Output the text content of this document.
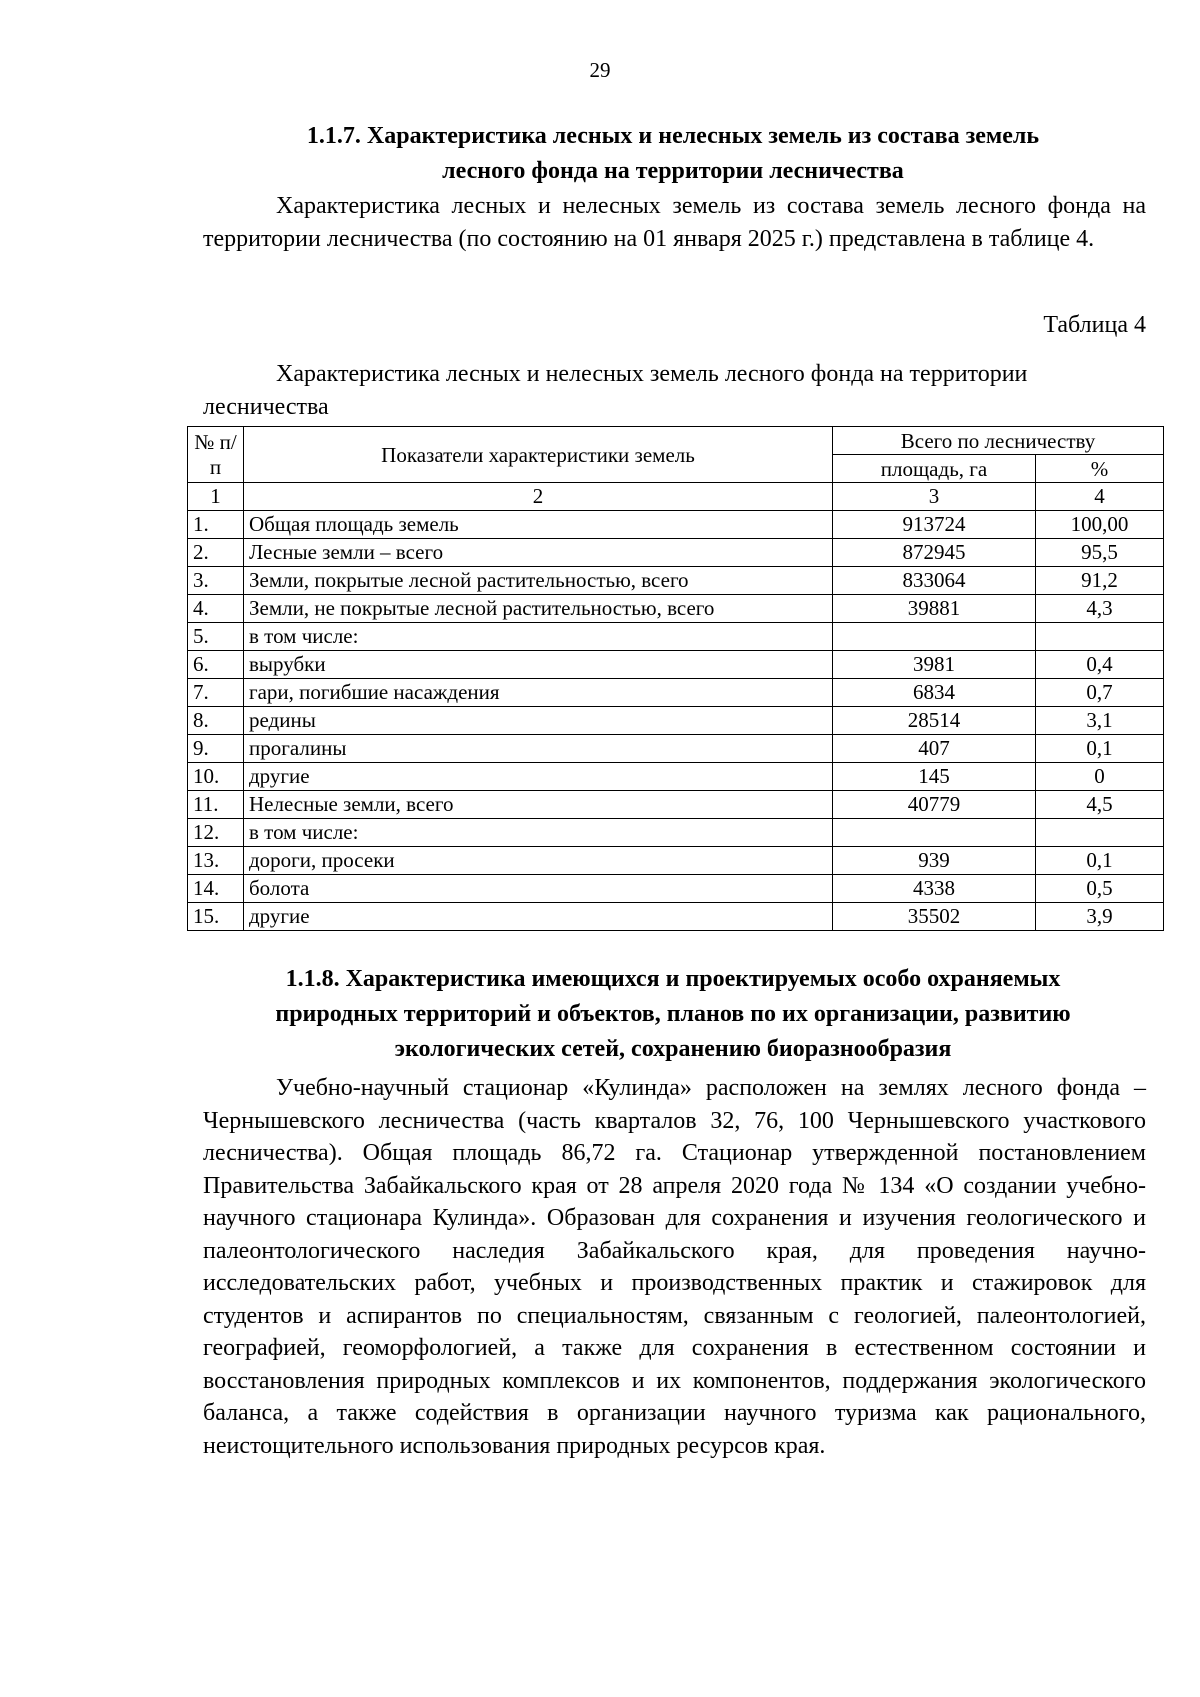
29
1.1.7. Характеристика лесных и нелесных земель из состава земель
лесного фонда на территории лесничества

Характеристика лесных и нелесных земель из состава земель лесного фонда на территории лесничества (по состоянию на 01 января 2025 г.) представлена в таблице 4.

Таблица 4

Характеристика лесных и нелесных земель лесного фонда на территории лесничества

№ п/п	Показатели характеристики земель	Всего по лесничеству	
		площадь, га	%
1	2	3	4
1.	Общая площадь земель	913724	100,00
2.	Лесные земли – всего	872945	95,5
3.	Земли, покрытые лесной растительностью, всего	833064	91,2
4.	Земли, не покрытые лесной растительностью, всего	39881	4,3
5.	в том числе:		
6.	вырубки	3981	0,4
7.	гари, погибшие насаждения	6834	0,7
8.	редины	28514	3,1
9.	прогалины	407	0,1
10.	другие	145	0
11.	Нелесные земли, всего	40779	4,5
12.	в том числе:		
13.	дороги, просеки	939	0,1
14.	болота	4338	0,5
15.	другие	35502	3,9
1.1.8. Характеристика имеющихся и проектируемых особо охраняемых
природных территорий и объектов, планов по их организации, развитию
экологических сетей, сохранению биоразнообразия

Учебно-научный стационар «Кулинда» расположен на землях лесного фонда – Чернышевского лесничества (часть кварталов 32, 76, 100 Чернышевского участкового лесничества). Общая площадь 86,72 га. Стационар утвержденной постановлением Правительства Забайкальского края от 28 апреля 2020 года № 134 «О создании учебно-научного стационара Кулинда». Образован для сохранения и изучения геологического и палеонтологического наследия Забайкальского края, для проведения научно-исследовательских работ, учебных и производственных практик и стажировок для студентов и аспирантов по специальностям, связанным с геологией, палеонтологией, географией, геоморфологией, а также для сохранения в естественном состоянии и восстановления природных комплексов и их компонентов, поддержания экологического баланса, а также содействия в организации научного туризма как рационального, неистощительного использования природных ресурсов края.
